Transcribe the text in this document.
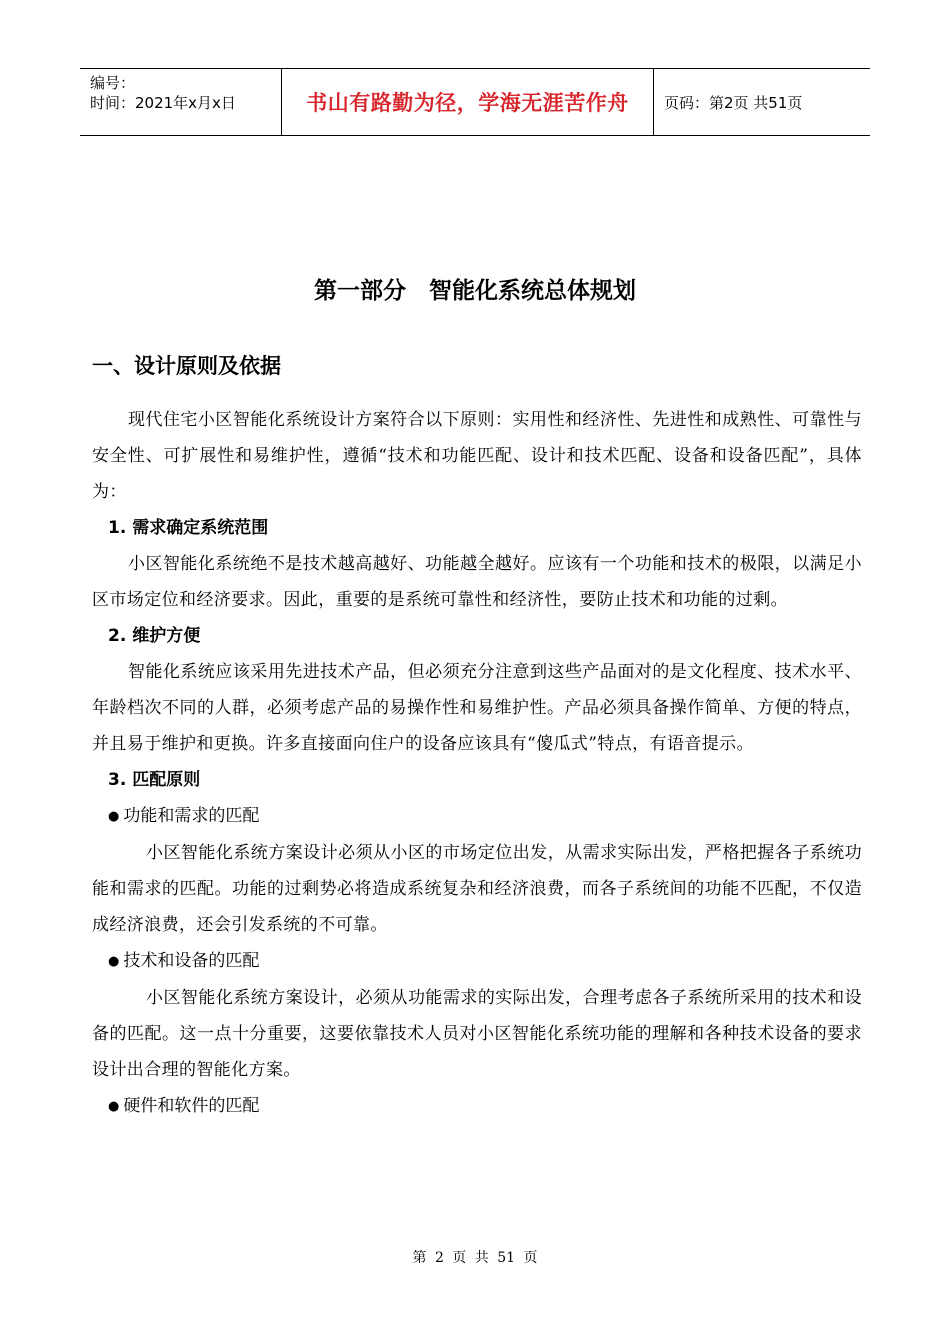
编号：
时间：2021年x月x日	书山有路勤为径，学海无涯苦作舟	页码：第2页 共51页
第一部分　智能化系统总体规划
一、设计原则及依据

现代住宅小区智能化系统设计方案符合以下原则：实用性和经济性、先进性和成熟性、可靠性与安全性、可扩展性和易维护性，遵循“技术和功能匹配、设计和技术匹配、设备和设备匹配”，具体为：

1. 需求确定系统范围

小区智能化系统绝不是技术越高越好、功能越全越好。应该有一个功能和技术的极限，以满足小区市场定位和经济要求。因此，重要的是系统可靠性和经济性，要防止技术和功能的过剩。

2. 维护方便

智能化系统应该采用先进技术产品，但必须充分注意到这些产品面对的是文化程度、技术水平、年龄档次不同的人群，必须考虑产品的易操作性和易维护性。产品必须具备操作简单、方便的特点，并且易于维护和更换。许多直接面向住户的设备应该具有“傻瓜式”特点，有语音提示。

3. 匹配原则

● 功能和需求的匹配

小区智能化系统方案设计必须从小区的市场定位出发，从需求实际出发，严格把握各子系统功能和需求的匹配。功能的过剩势必将造成系统复杂和经济浪费，而各子系统间的功能不匹配，不仅造成经济浪费，还会引发系统的不可靠。

● 技术和设备的匹配

小区智能化系统方案设计，必须从功能需求的实际出发，合理考虑各子系统所采用的技术和设备的匹配。这一点十分重要，这要依靠技术人员对小区智能化系统功能的理解和各种技术设备的要求设计出合理的智能化方案。

● 硬件和软件的匹配

第 2 页 共 51 页
